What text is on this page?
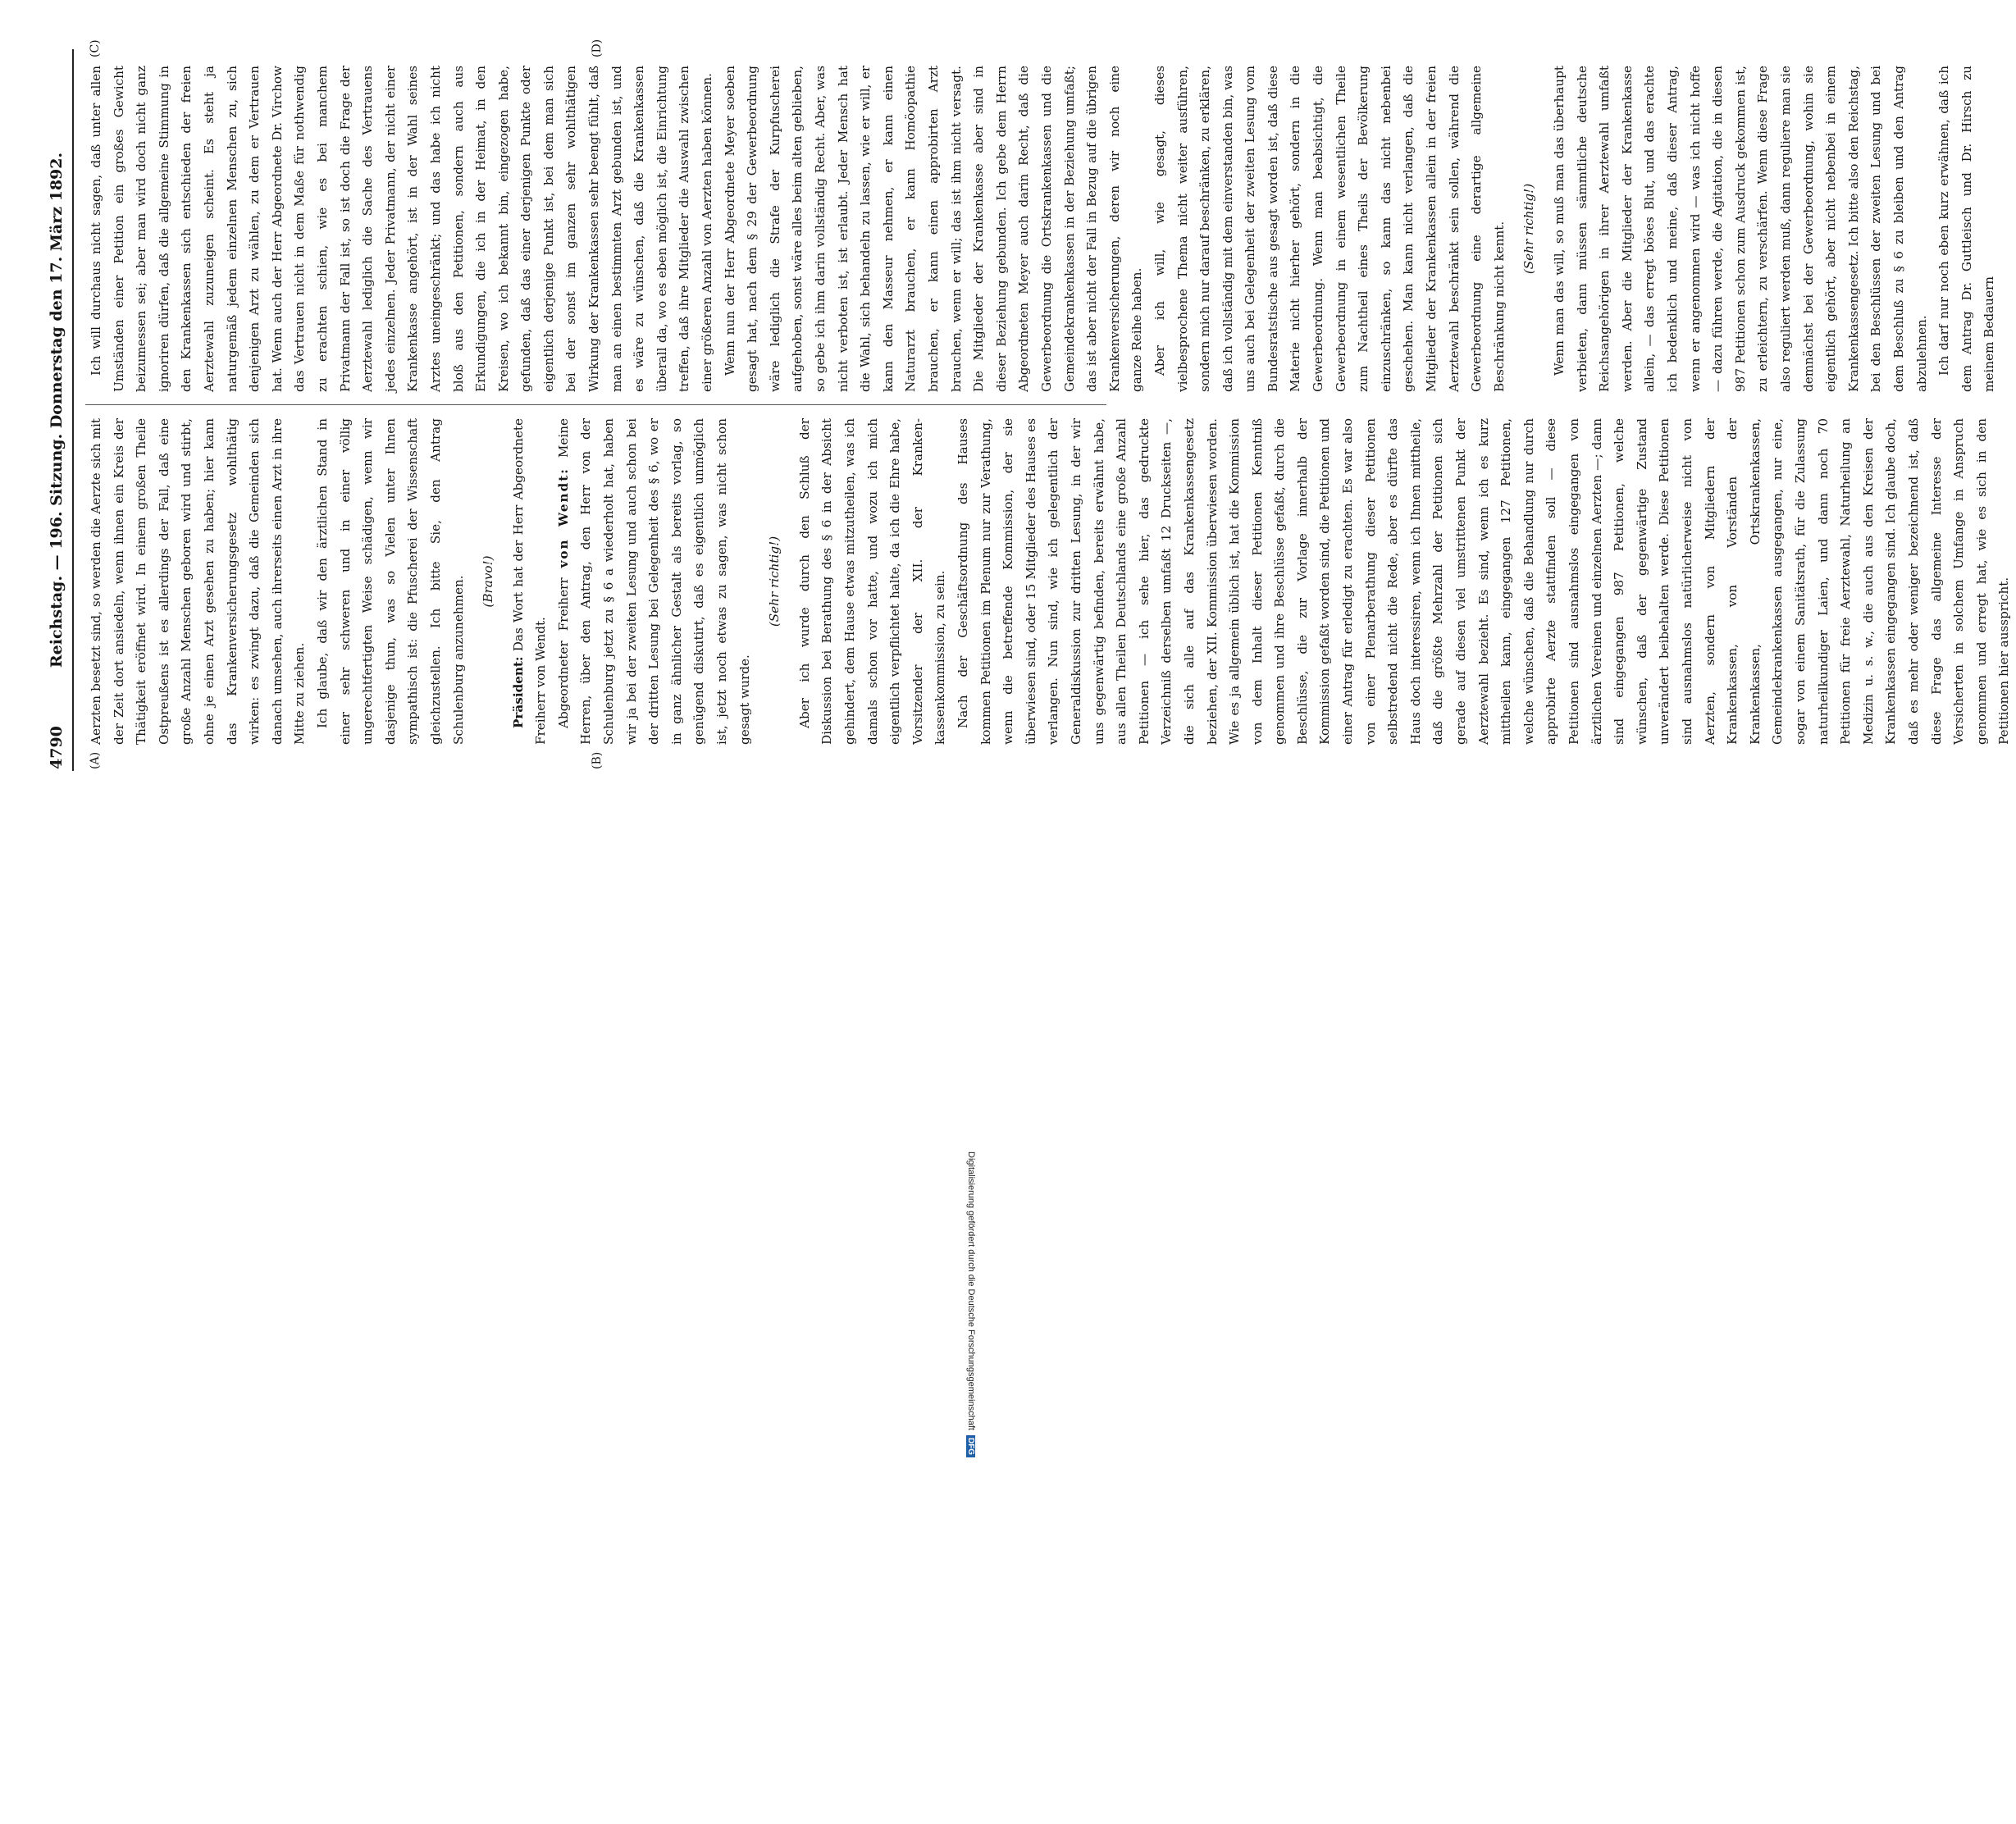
4790
Reichstag. — 196. Sitzung. Donnerstag den 17. März 1892.
(A)	(B)
(C)	(D)

Aerzten besetzt sind, so werden die Aerzte sich mit der Zeit dort ansiedeln, wenn ihnen ein Kreis der Thätigkeit eröffnet wird. In einem großen Theile Ostpreußens ist es allerdings der Fall, daß eine große Anzahl Menschen geboren wird und stirbt, ohne je einen Arzt gesehen zu haben; hier kann das Krankenversicherungsgesetz wohlthätig wirken: es zwingt dazu, daß die Gemeinden sich danach umsehen, auch ihrerseits einen Arzt in ihre Mitte zu ziehen. Ich glaube, daß wir den ärztlichen Stand in einer sehr schweren und in einer völlig ungerechtfertigten Weise schädigen, wenn wir dasjenige thun, was so Vielen unter Ihnen sympathisch ist: die Pfuscherei der Wissenschaft gleichzustellen. Ich bitte Sie, den Antrag Schulenburg anzunehmen.	(Bravo!)

Präsident: Das Wort hat der Herr Abgeordnete Freiherr von Wendt. Abgeordneter Freiherr von Wendt: Meine Herren, über den Antrag, den Herr von der Schulenburg jetzt zu § 6 a wiederholt hat, haben wir ja bei der zweiten Lesung und auch schon bei der dritten Lesung bei Gelegenheit des § 6, wo er in ganz ähnlicher Gestalt als bereits vorlag, so genügend diskutirt, daß es eigentlich unmöglich ist, jetzt noch etwas zu sagen, was nicht schon gesagt wurde.

(Sehr richtig!)	Aber ich wurde durch den Schluß der Diskussion bei Berathung des § 6 in der Absicht gehindert, dem Hause etwas mitzutheilen, was ich damals schon vor hatte, und wozu ich mich eigentlich verpflichtet halte, da ich die Ehre habe, Vorsitzender der XII. der Krankenkassenkommission, zu sein. Nach der Geschäftsordnung des Hauses kommen Petitionen im Plenum nur zur Verathung, wenn die betreffende Kommission, der sie überwiesen sind, oder 15 Mitglieder des Hauses es verlangen. Nun sind, wie ich gelegentlich der Generaldiskussion zur dritten Lesung, in der wir uns gegenwärtig befinden, bereits erwähnt habe, aus allen Theilen Deutschlands eine große Anzahl Petitionen — ich sehe hier, das gedruckte Verzeichniß derselben umfaßt 12 Druckseiten —, die sich alle auf das Krankenkassengesetz beziehen, der XII. Kommission überwiesen worden. Wie es ja allgemein üblich ist, hat die Kommission von dem Inhalt dieser Petitionen Kenntniß genommen und ihre Beschlüsse gefaßt, durch die Beschlüsse, die zur Vorlage innerhalb der Kommission gefaßt worden sind, die Petitionen und einer Antrag für erledigt zu erachten. Es war also von einer Plenarberathung dieser Petitionen selbstredend nicht die Rede, aber es dürfte das Haus doch interessiren, wenn ich Ihnen mittheile, daß die größte Mehrzahl der Petitionen sich gerade auf diesen viel umstrittenen Punkt der Aerztewahl bezieht. Es sind, wenn ich es kurz mittheilen kann, eingegangen 127 Petitionen, welche wünschen, daß die Behandlung nur durch approbirte Aerzte stattfinden soll — diese Petitionen sind ausnahmslos eingegangen von ärztlichen Vereinen und einzelnen Aerzten —; dann sind eingegangen 987 Petitionen, welche wünschen, daß der gegenwärtige Zustand unverändert beibehalten werde. Diese Petitionen sind ausnahmslos natürlicherweise nicht von Aerzten, sondern von Mitgliedern der Krankenkassen, von Vorständen der Krankenkassen, Ortskrankenkassen, Gemeindekrankenkassen ausgegangen, nur eine, sogar von einem Sanitätsrath, für die Zulassung naturheilkundiger Laien, und dann noch 70 Petitionen für freie Aerztewahl, Naturheilung an Medizin u. s. w., die auch aus den Kreisen der Krankenkassen eingegangen sind. Ich glaube doch, daß es mehr oder weniger bezeichnend ist, daß diese Frage das allgemeine Interesse der Versicherten in solchem Umfange in Anspruch genommen und erregt hat, wie es sich in den Petitionen hier ausspricht.

Ich will durchaus nicht sagen, daß unter allen Umständen einer Petition ein großes Gewicht beizumessen sei; aber man wird doch nicht ganz ignoriren dürfen, daß die allgemeine Stimmung in den Krankenkassen sich entschieden der freien Aerztewahl zuzuneigen scheint. Es steht ja naturgemäß jedem einzelnen Menschen zu, sich denjenigen Arzt zu wählen, zu dem er Vertrauen hat. Wenn auch der Herr Abgeordnete Dr. Virchow das Vertrauen nicht in dem Maße für nothwendig zu erachten schien, wie es bei manchem Privatmann der Fall ist, so ist doch die Frage der Aerztewahl lediglich die Sache des Vertrauens jedes einzelnen. Jeder Privatmann, der nicht einer Krankenkasse angehört, ist in der Wahl seines Arztes uneingeschränkt; und das habe ich nicht bloß aus den Petitionen, sondern auch aus Erkundigungen, die ich in der Heimat, in den Kreisen, wo ich bekannt bin, eingezogen habe, gefunden, daß das einer derjenigen Punkte oder eigentlich derjenige Punkt ist, bei dem man sich bei der sonst im ganzen sehr wohlthätigen Wirkung der Krankenkassen sehr beengt fühlt, daß man an einen bestimmten Arzt gebunden ist, und es wäre zu wünschen, daß die Krankenkassen überall da, wo es eben möglich ist, die Einrichtung treffen, daß ihre Mitglieder die Auswahl zwischen einer größeren Anzahl von Aerzten haben können. Wenn nun der Herr Abgeordnete Meyer soeben gesagt hat, nach dem § 29 der Gewerbeordnung wäre lediglich die Strafe der Kurpfuscherei aufgehoben, sonst wäre alles beim alten geblieben, so gebe ich ihm darin vollständig Recht. Aber, was nicht verboten ist, ist erlaubt. Jeder Mensch hat die Wahl, sich behandeln zu lassen, wie er will, er kann den Masseur nehmen, er kann einen Naturarzt brauchen, er kann Homöopathie brauchen, er kann einen approbirten Arzt brauchen, wenn er will; das ist ihm nicht versagt. Die Mitglieder der Krankenkasse aber sind in dieser Beziehung gebunden. Ich gebe dem Herrn Abgeordneten Meyer auch darin Recht, daß die Gewerbeordnung die Ortskrankenkassen und die Gemeindekrankenkassen in der Beziehung umfaßt; das ist aber nicht der Fall in Bezug auf die übrigen Krankenversicherungen, deren wir noch eine ganze Reihe haben. Aber ich will, wie gesagt, dieses vielbesprochene Thema nicht weiter ausführen, sondern mich nur darauf beschränken, zu erklären, daß ich vollständig mit dem einverstanden bin, was uns auch bei Gelegenheit der zweiten Lesung vom Bundesratstische aus gesagt worden ist, daß diese Materie nicht hierher gehört, sondern in die Gewerbeordnung. Wenn man beabsichtigt, die Gewerbeordnung in einem wesentlichen Theile zum Nachtheil eines Theils der Bevölkerung einzuschränken, so kann das nicht nebenbei geschehen. Man kann nicht verlangen, daß die Mitglieder der Krankenkassen allein in der freien Aerztewahl beschränkt sein sollen, während die Gewerbeordnung eine derartige allgemeine Beschränkung nicht kennt.	(Sehr richtig!)	Wenn man das will, so muß man das überhaupt verbieten, dann müssen sämmtliche deutsche Reichsangehörigen in ihrer Aerztewahl umfaßt werden. Aber die Mitglieder der Krankenkasse allein, — das erregt böses Blut, und das erachte ich bedenklich und meine, daß dieser Antrag, wenn er angenommen wird — was ich nicht hoffe — dazu führen werde, die Agitation, die in diesen 987 Petitionen schon zum Ausdruck gekommen ist, zu erleichtern, zu verschärfen. Wenn diese Frage also reguliert werden muß, dann reguliere man sie demnächst bei der Gewerbeordnung, wohin sie eigentlich gehört, aber nicht nebenbei in einem Krankenkassengesetz. Ich bitte also den Reichstag, bei den Beschlüssen der zweiten Lesung und bei dem Beschluß zu § 6 zu bleiben und den Antrag abzulehnen. Ich darf nur noch eben kurz erwähnen, daß ich dem Antrag Dr. Guttleisch und Dr. Hirsch zu meinem Bedauern

Digitalisierung gefördert durch die Deutsche ForschungsgemeinschaftDFG
